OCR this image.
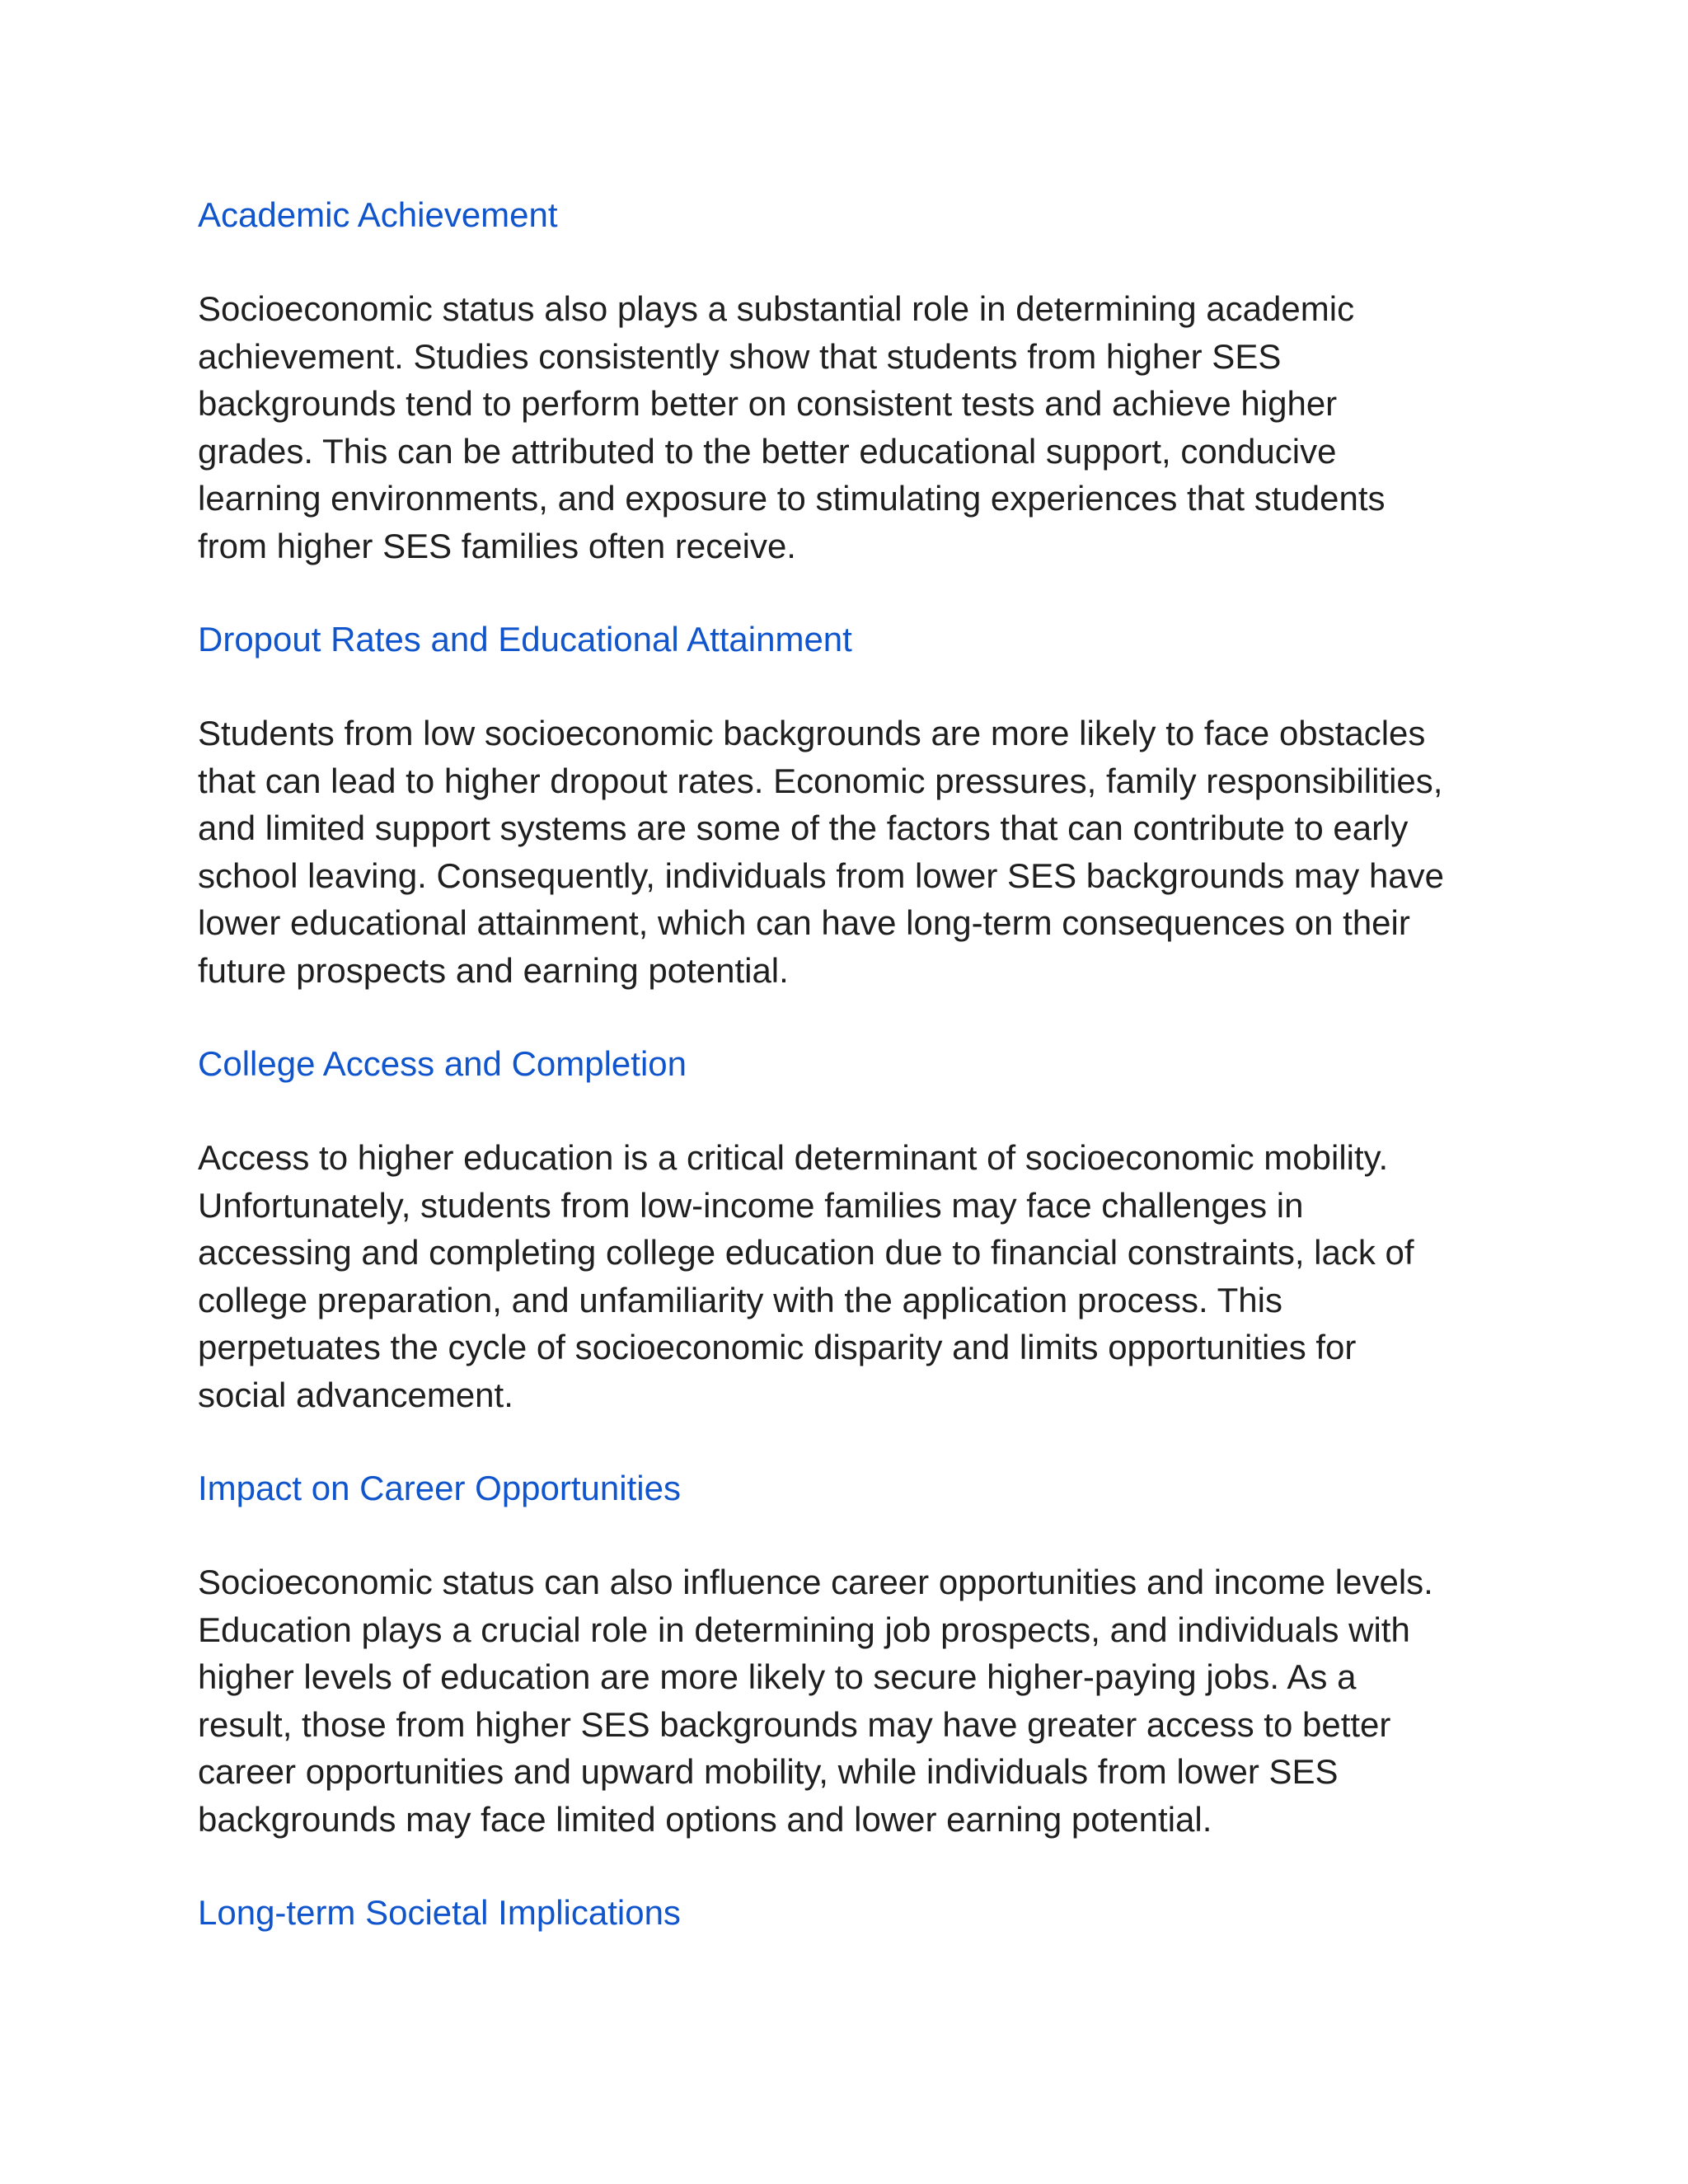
Academic Achievement

Socioeconomic status also plays a substantial role in determining academic
achievement. Studies consistently show that students from higher SES
backgrounds tend to perform better on consistent tests and achieve higher
grades. This can be attributed to the better educational support, conducive
learning environments, and exposure to stimulating experiences that students
from higher SES families often receive.

Dropout Rates and Educational Attainment

Students from low socioeconomic backgrounds are more likely to face obstacles
that can lead to higher dropout rates. Economic pressures, family responsibilities,
and limited support systems are some of the factors that can contribute to early
school leaving. Consequently, individuals from lower SES backgrounds may have
lower educational attainment, which can have long-term consequences on their
future prospects and earning potential.

College Access and Completion

Access to higher education is a critical determinant of socioeconomic mobility.
Unfortunately, students from low-income families may face challenges in
accessing and completing college education due to financial constraints, lack of
college preparation, and unfamiliarity with the application process. This
perpetuates the cycle of socioeconomic disparity and limits opportunities for
social advancement.

Impact on Career Opportunities

Socioeconomic status can also influence career opportunities and income levels.
Education plays a crucial role in determining job prospects, and individuals with
higher levels of education are more likely to secure higher-paying jobs. As a
result, those from higher SES backgrounds may have greater access to better
career opportunities and upward mobility, while individuals from lower SES
backgrounds may face limited options and lower earning potential.

Long-term Societal Implications
